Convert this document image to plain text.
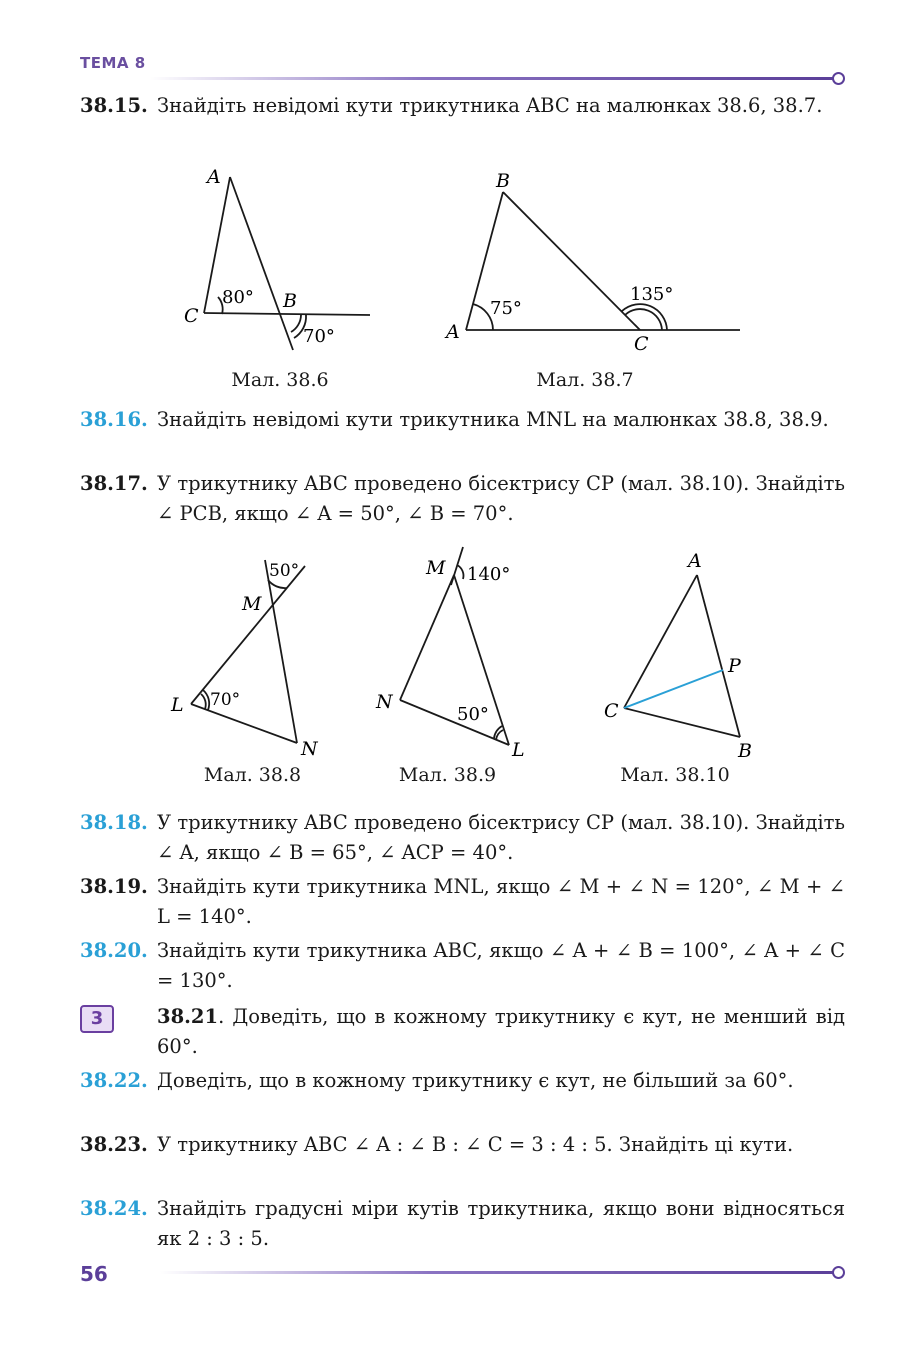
ТЕМА 8
38.15. Знайдіть невідомі кути трикутника ABC на малюнках 38.6, 38.7.
A
C
B
80°
70°
Мал. 38.6
B
A
C
75°
135°
Мал. 38.7
38.16. Знайдіть невідомі кути трикутника MNL на малюнках 38.8, 38.9.
38.17. У трикутнику ABC проведено бісектрису CP (мал. 38.10). Знайдіть ∠ PCB, якщо ∠ A = 50°, ∠ B = 70°.
50°
M
L 70°
N
Мал. 38.8
M 140°
N
50°
L
Мал. 38.9
A
P
C
B
Мал. 38.10
38.18. У трикутнику ABC проведено бісектрису CP (мал. 38.10). Знайдіть ∠ A, якщо ∠ B = 65°, ∠ ACP = 40°.
38.19. Знайдіть кути трикутника MNL, якщо ∠ M + ∠ N = 120°, ∠ M + ∠ L = 140°.
38.20. Знайдіть кути трикутника ABC, якщо ∠ A + ∠ B = 100°, ∠ A + ∠ C = 130°.
3	38.21. Доведіть, що в кожному трикутнику є кут, не менший від 60°.
38.22. Доведіть, що в кожному трикутнику є кут, не більший за 60°.
38.23. У трикутнику ABC ∠ A : ∠ B : ∠ C = 3 : 4 : 5. Знайдіть ці кути.
38.24. Знайдіть градусні міри кутів трикутника, якщо вони відносяться як 2 : 3 : 5.
56
